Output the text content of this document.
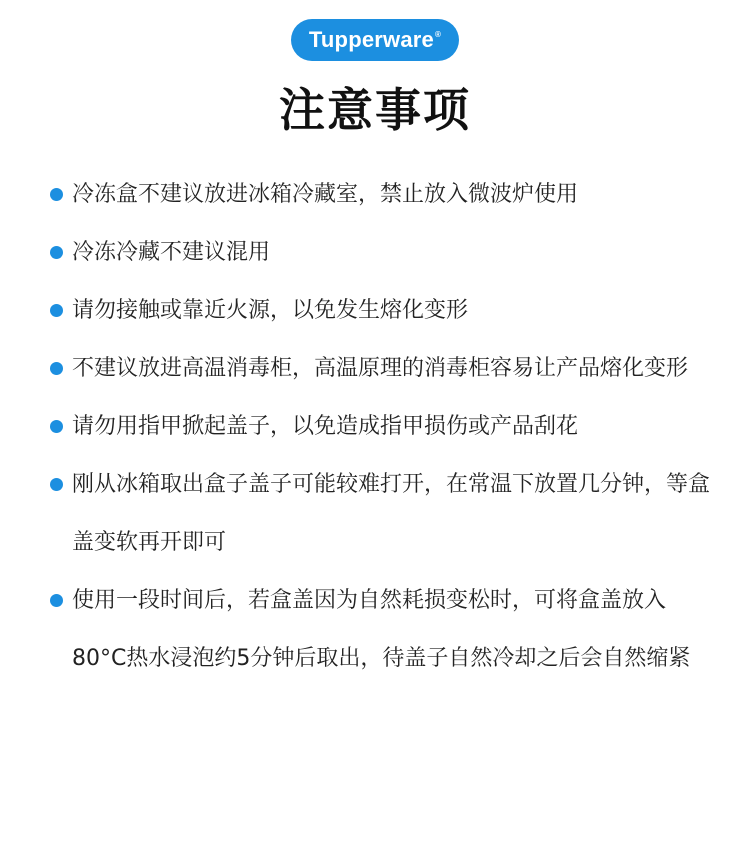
Tupperware®
注意事项
冷冻盒不建议放进冰箱冷藏室，禁止放入微波炉使用
冷冻冷藏不建议混用
请勿接触或靠近火源，以免发生熔化变形
不建议放进高温消毒柜，高温原理的消毒柜容易让产品熔化变形
请勿用指甲掀起盖子，以免造成指甲损伤或产品刮花
刚从冰箱取出盒子盖子可能较难打开，在常温下放置几分钟，等盒盖变软再开即可
使用一段时间后，若盒盖因为自然耗损变松时，可将盒盖放入80°C热水浸泡约5分钟后取出，待盖子自然冷却之后会自然缩紧
